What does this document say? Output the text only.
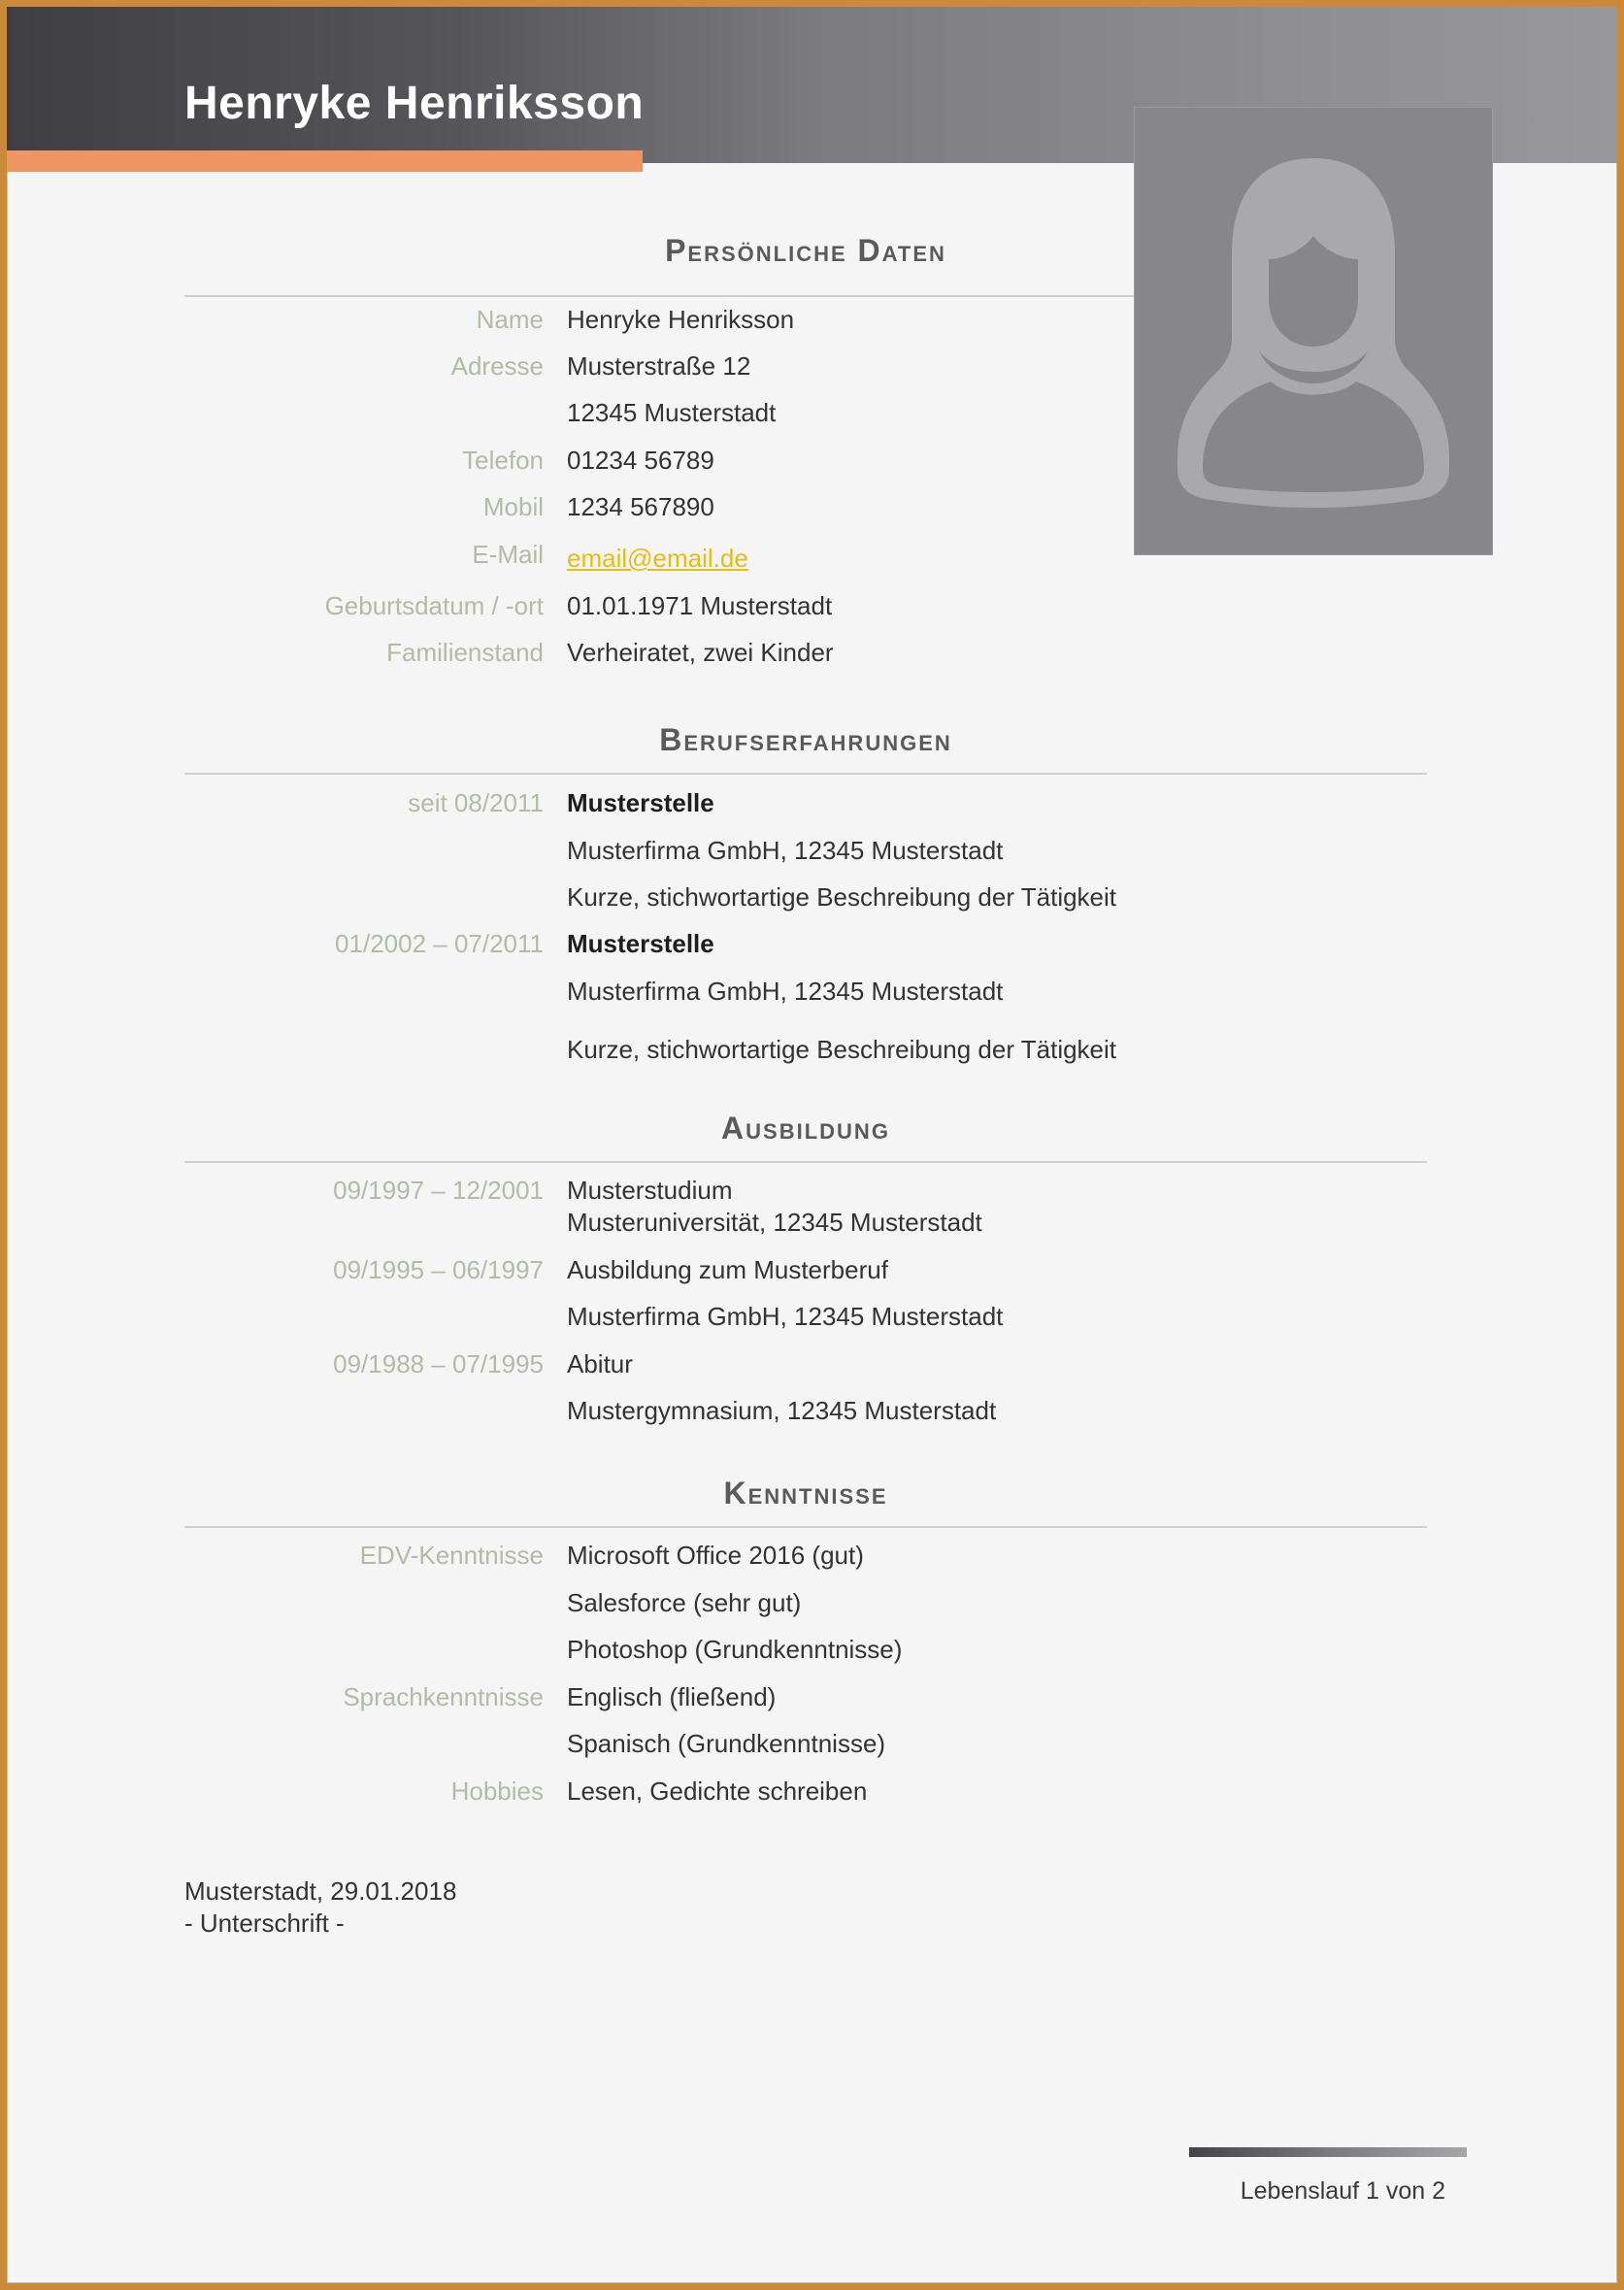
Henryke Henriksson
Persönliche Daten
Name Henryke Henriksson
Adresse Musterstraße 12
12345 Musterstadt
Telefon 01234 56789
Mobil 1234 567890
E-Mail email@email.de
Geburtsdatum / -ort 01.01.1971 Musterstadt
Familienstand Verheiratet, zwei Kinder
Berufserfahrungen
seit 08/2011 Musterstelle
Musterfirma GmbH, 12345 Musterstadt
Kurze, stichwortartige Beschreibung der Tätigkeit
01/2002 – 07/2011 Musterstelle
Musterfirma GmbH, 12345 Musterstadt
Kurze, stichwortartige Beschreibung der Tätigkeit
Ausbildung
09/1997 – 12/2001 Musterstudium
Musteruniversität, 12345 Musterstadt
09/1995 – 06/1997 Ausbildung zum Musterberuf
Musterfirma GmbH, 12345 Musterstadt
09/1988 – 07/1995 Abitur
Mustergymnasium, 12345 Musterstadt
Kenntnisse
EDV-Kenntnisse Microsoft Office 2016 (gut)
Salesforce (sehr gut)
Photoshop (Grundkenntnisse)
Sprachkenntnisse Englisch (fließend)
Spanisch (Grundkenntnisse)
Hobbies Lesen, Gedichte schreiben
Musterstadt, 29.01.2018
- Unterschrift -
Lebenslauf 1 von 2
